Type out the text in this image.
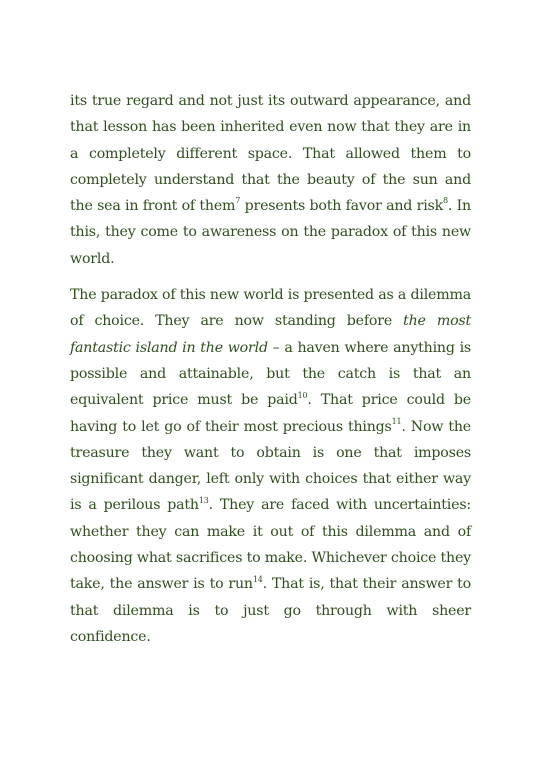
its true regard and not just its outward appearance, and that lesson has been inherited even now that they are in a completely different space. That allowed them to completely understand that the beauty of the sun and the sea in front of them$^7$ presents both favor and risk$^8$. In this, they come to awareness on the paradox of this new world.

The paradox of this new world is presented as a dilemma of choice. They are now standing before the most fantastic island in the world – a haven where anything is possible and attainable, but the catch is that an equivalent price must be paid$^{10}$. That price could be having to let go of their most precious things$^{11}$. Now the treasure they want to obtain is one that imposes significant danger, left only with choices that either way is a perilous path$^{13}$. They are faced with uncertainties: whether they can make it out of this dilemma and of choosing what sacrifices to make. Whichever choice they take, the answer is to run$^{14}$. That is, that their answer to that dilemma is to just go through with sheer confidence.
